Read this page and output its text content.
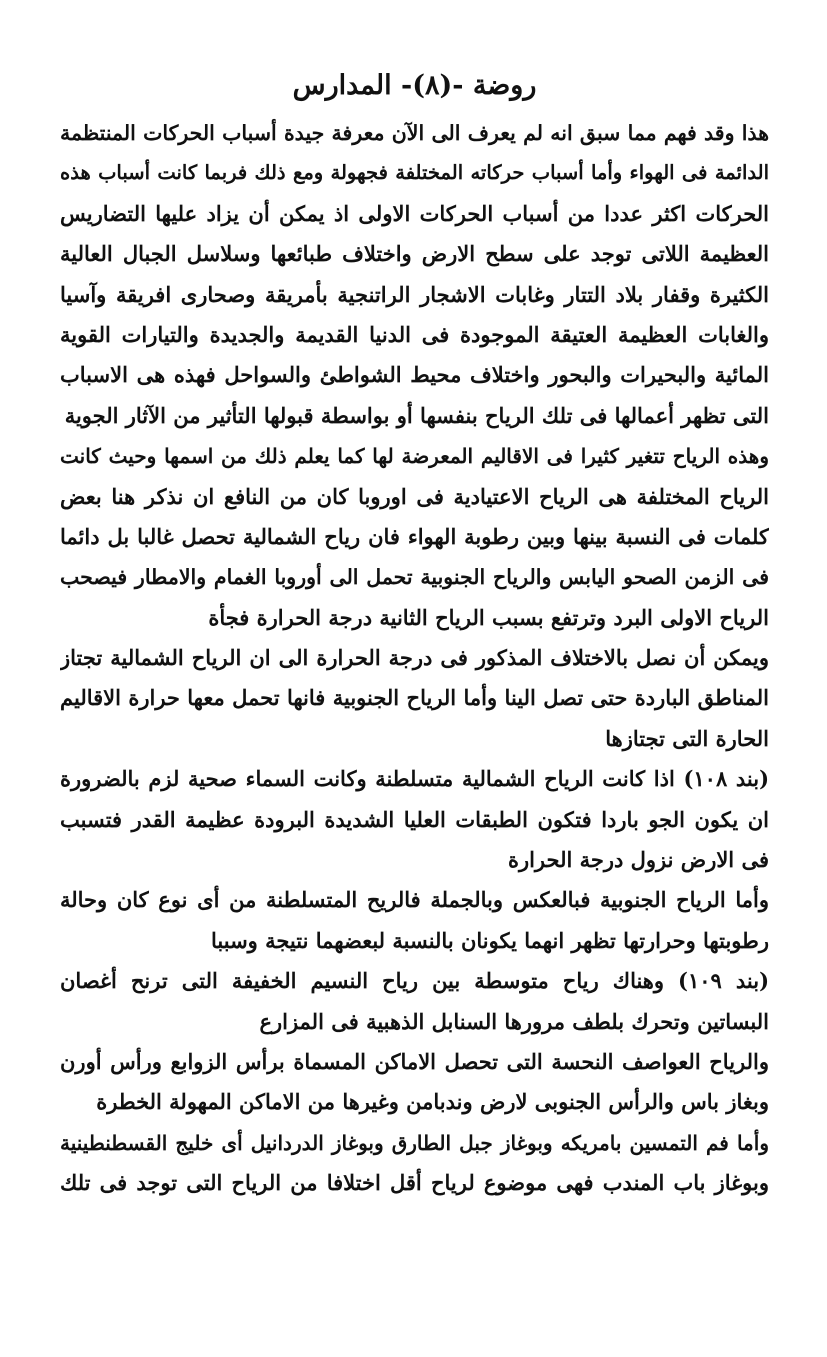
روضة -(٨)- المدارس
هذا وقد فهم مما سبق انه لم يعرف الى الآن معرفة جيدة أسباب الحركات المنتظمة
الدائمة فى الهواء وأما أسباب حركاته المختلفة فجهولة ومع ذلك فربما كانت أسباب هذه
الحركات اكثر عددا من أسباب الحركات الاولى اذ يمكن أن يزاد عليها التضاريس
العظيمة اللاتى توجد على سطح الارض واختلاف طبائعها وسلاسل الجبال العالية
الكثيرة وقفار بلاد التتار وغابات الاشجار الراتنجية بأمريقة وصحارى افريقة وآسيا
والغابات العظيمة العتيقة الموجودة فى الدنيا القديمة والجديدة والتيارات القوية
المائية والبحيرات والبحور واختلاف محيط الشواطئ والسواحل فهذه هى الاسباب
التى تظهر أعمالها فى تلك الرياح بنفسها أو بواسطة قبولها التأثير من الآثار الجوية
وهذه الرياح تتغير كثيرا فى الاقاليم المعرضة لها كما يعلم ذلك من اسمها وحيث كانت
الرياح المختلفة هى الرياح الاعتيادية فى اوروبا كان من النافع ان نذكر هنا بعض
كلمات فى النسبة بينها وبين رطوبة الهواء فان رياح الشمالية تحصل غالبا بل دائما
فى الزمن الصحو اليابس والرياح الجنوبية تحمل الى أوروبا الغمام والامطار فيصحب
الرياح الاولى البرد وترتفع بسبب الرياح الثانية درجة الحرارة فجأة
ويمكن أن نصل بالاختلاف المذكور فى درجة الحرارة الى ان الرياح الشمالية تجتاز
المناطق الباردة حتى تصل الينا وأما الرياح الجنوبية فانها تحمل معها حرارة الاقاليم
الحارة التى تجتازها
(بند ١٠٨) اذا كانت الرياح الشمالية متسلطنة وكانت السماء صحية لزم بالضرورة
ان يكون الجو باردا فتكون الطبقات العليا الشديدة البرودة عظيمة القدر فتسبب
فى الارض نزول درجة الحرارة
وأما الرياح الجنوبية فبالعكس وبالجملة فالريح المتسلطنة من أى نوع كان وحالة
رطوبتها وحرارتها تظهر انهما يكونان بالنسبة لبعضهما نتيجة وسببا
(بند ١٠٩) وهناك رياح متوسطة بين رياح النسيم الخفيفة التى ترنح أغصان
البساتين وتحرك بلطف مرورها السنابل الذهبية فى المزارع
والرياح العواصف النحسة التى تحصل الاماكن المسماة برأس الزوابع ورأس أورن
وبغاز باس والرأس الجنوبى لارض وندبامن وغيرها من الاماكن المهولة الخطرة
وأما فم التمسين بامريكه وبوغاز جبل الطارق وبوغاز الدردانيل أى خليج القسطنطينية
وبوغاز باب المندب فهى موضوع لرياح أقل اختلافا من الرياح التى توجد فى تلك
